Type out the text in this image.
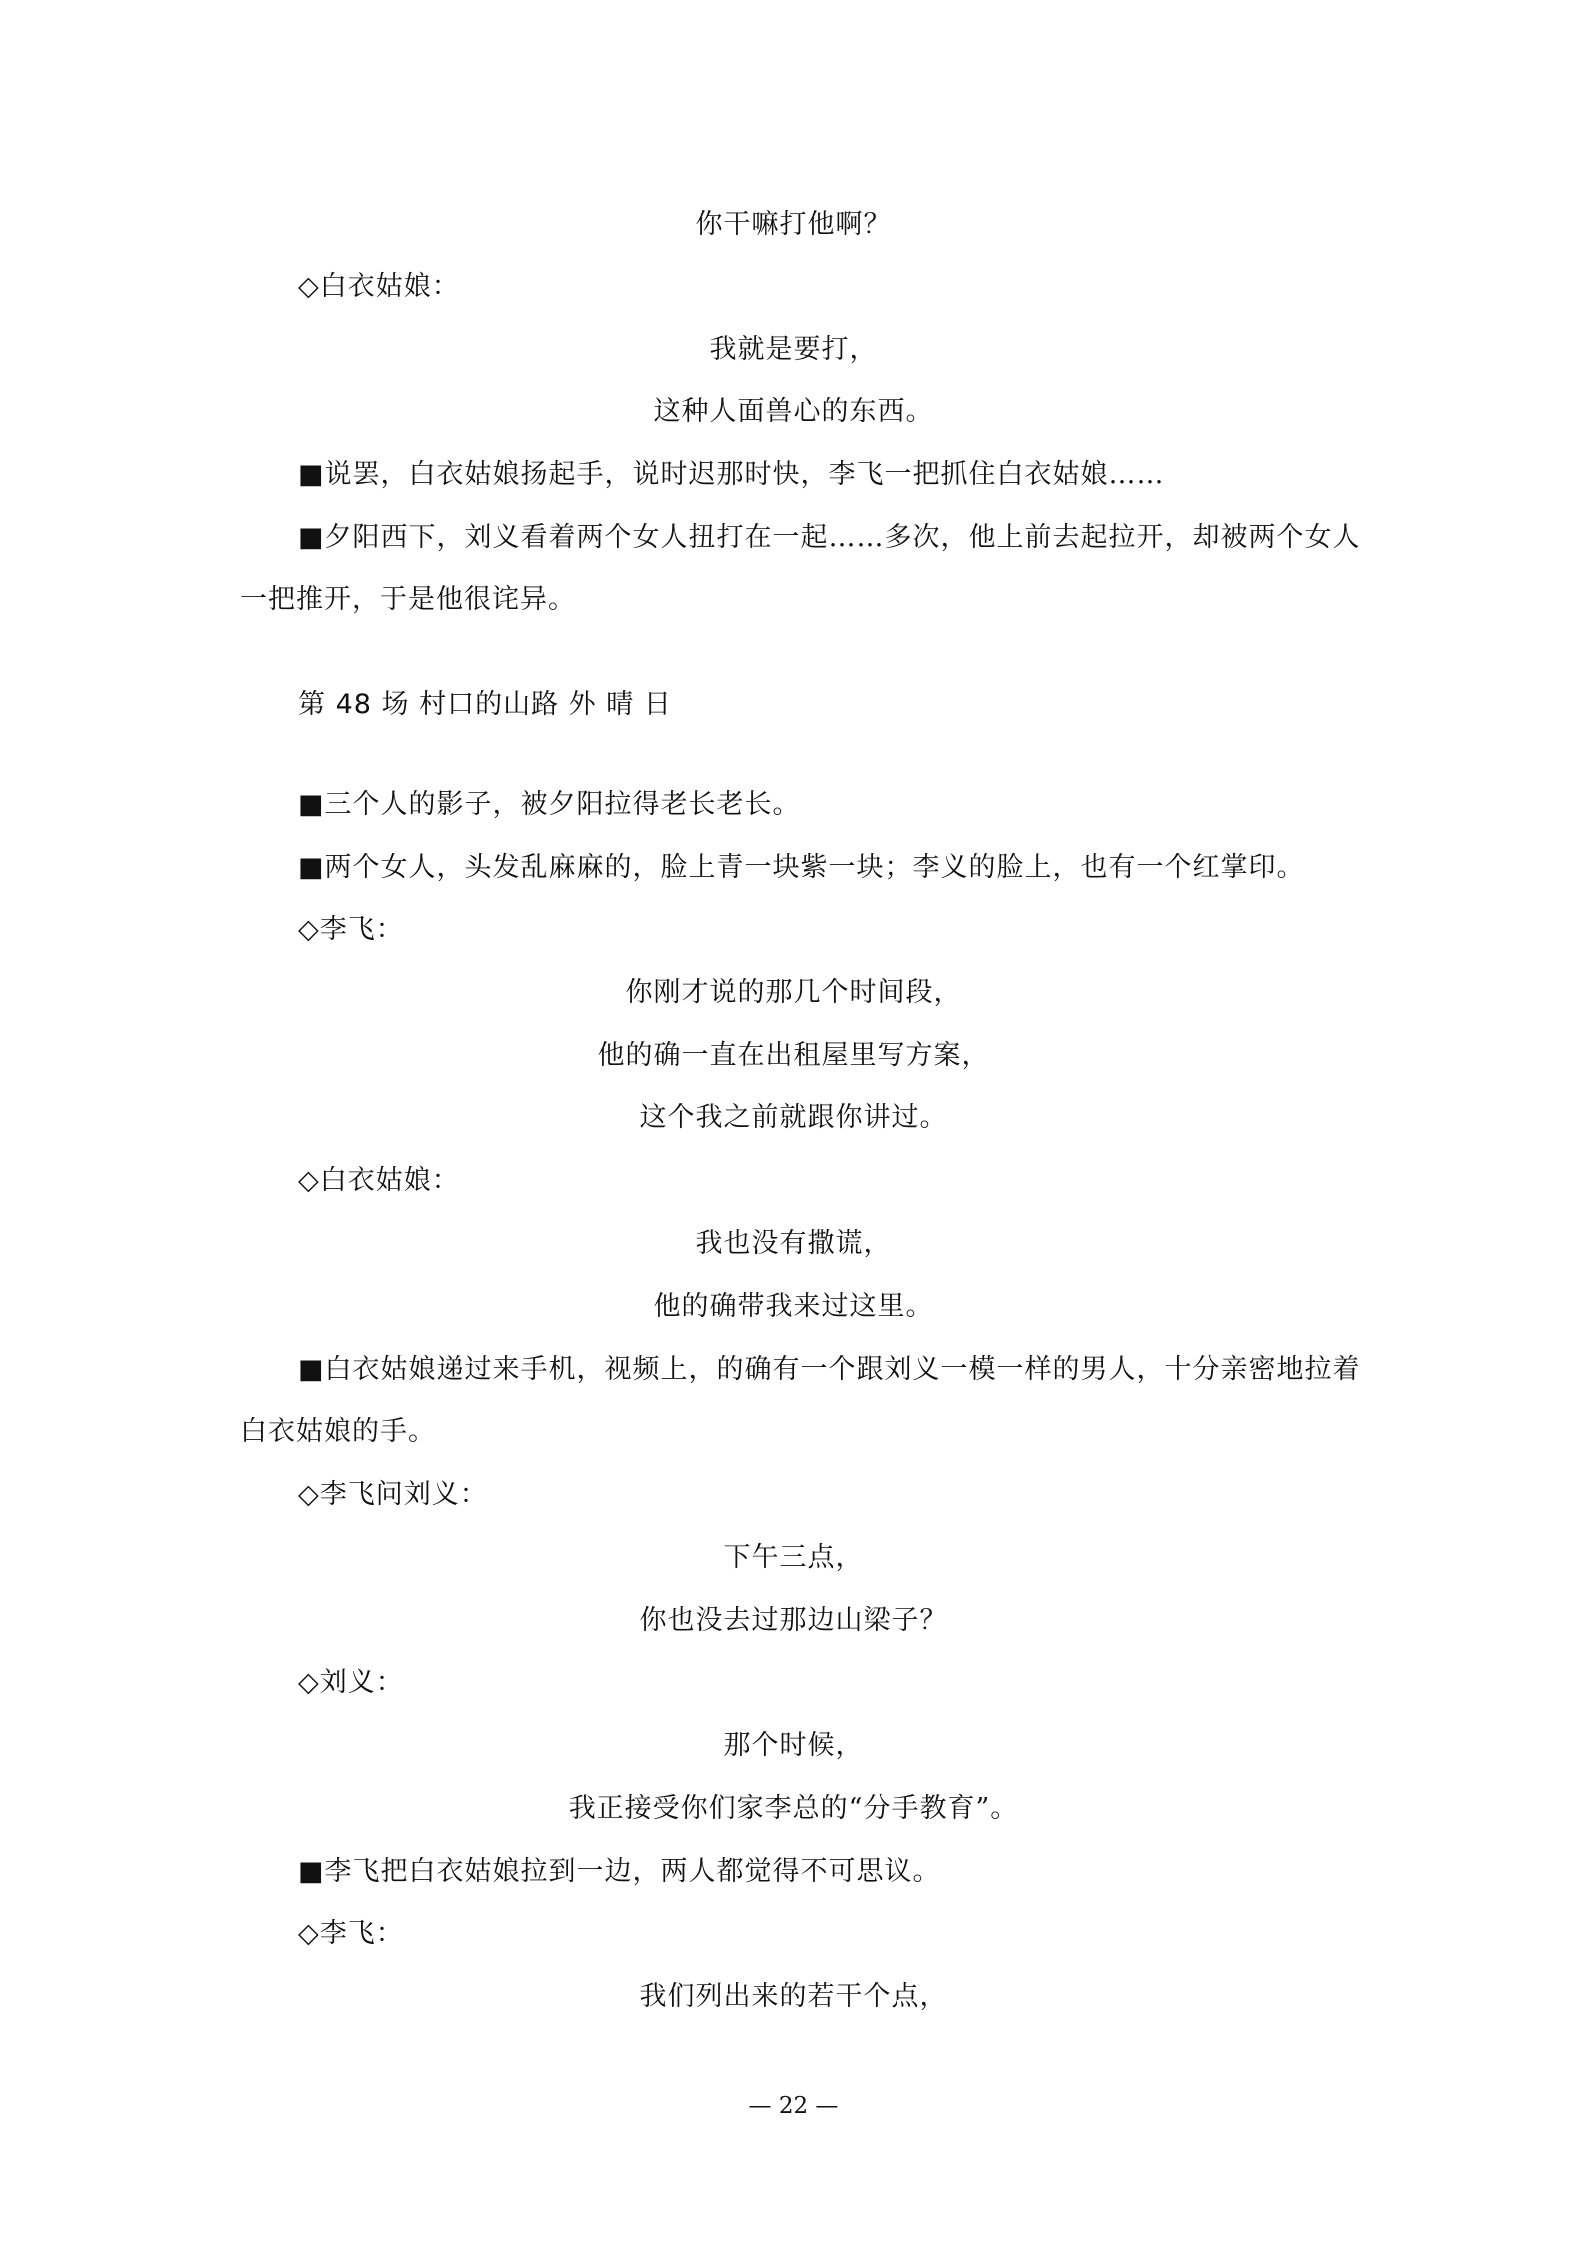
你干嘛打他啊？
◇白衣姑娘：
我就是要打，
这种人面兽心的东西。
■说罢，白衣姑娘扬起手，说时迟那时快，李飞一把抓住白衣姑娘……
■夕阳西下，刘义看着两个女人扭打在一起……多次，他上前去起拉开，却被两个女人
一把推开，于是他很诧异。
第 48 场 村口的山路 外 晴 日
■三个人的影子，被夕阳拉得老长老长。
■两个女人，头发乱麻麻的，脸上青一块紫一块；李义的脸上，也有一个红掌印。
◇李飞：
你刚才说的那几个时间段，
他的确一直在出租屋里写方案，
这个我之前就跟你讲过。
◇白衣姑娘：
我也没有撒谎，
他的确带我来过这里。
■白衣姑娘递过来手机，视频上，的确有一个跟刘义一模一样的男人，十分亲密地拉着
白衣姑娘的手。
◇李飞问刘义：
下午三点，
你也没去过那边山梁子？
◇刘义：
那个时候，
我正接受你们家李总的“分手教育”。
■李飞把白衣姑娘拉到一边，两人都觉得不可思议。
◇李飞：
我们列出来的若干个点，
— 22 —
